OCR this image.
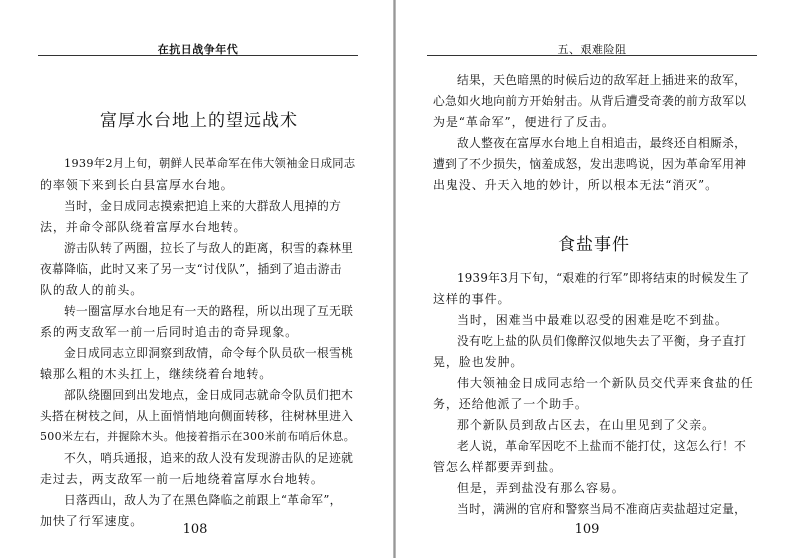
在抗日战争年代
富厚水台地上的望远战术
1939年2月上旬，朝鲜人民革命军在伟大领袖金日成同志
的率领下来到长白县富厚水台地。
当时，金日成同志摸索把追上来的大群敌人甩掉的方
法，并命令部队绕着富厚水台地转。
游击队转了两圈，拉长了与敌人的距离，积雪的森林里
夜幕降临，此时又来了另一支“讨伐队”，插到了追击游击
队的敌人的前头。
转一圈富厚水台地足有一天的路程，所以出现了互无联
系的两支敌军一前一后同时追击的奇异现象。
金日成同志立即洞察到敌情，命令每个队员砍一根雪桃
辕那么粗的木头扛上，继续绕着台地转。
部队绕圈回到出发地点，金日成同志就命令队员们把木
头搭在树枝之间，从上面悄悄地向侧面转移，往树林里进入
500米左右，并握除木头。他接着指示在300米前布哨后休息。
不久，哨兵通报，追来的敌人没有发现游击队的足迹就
走过去，两支敌军一前一后地绕着富厚水台地转。
日落西山，敌人为了在黑色降临之前跟上“革命军”，
加快了行军速度。
108
五、艰难险阻
结果，天色暗黑的时候后边的敌军赶上插进来的敌军，
心急如火地向前方开始射击。从背后遭受奇袭的前方敌军以
为是“革命军”，便进行了反击。
敌人整夜在富厚水台地上自相追击，最终还自相厮杀，
遭到了不少损失，恼羞成怒，发出悲鸣说，因为革命军用神
出鬼没、升天入地的妙计，所以根本无法“消灭”。
食盐事件
1939年3月下旬，“艰难的行军”即将结束的时候发生了
这样的事件。
当时，困难当中最难以忍受的困难是吃不到盐。
没有吃上盐的队员们像醉汉似地失去了平衡，身子直打
晃，脸也发肿。
伟大领袖金日成同志给一个新队员交代弄来食盐的任
务，还给他派了一个助手。
那个新队员到敌占区去，在山里见到了父亲。
老人说，革命军因吃不上盐而不能打仗，这怎么行！不
管怎么样都要弄到盐。
但是，弄到盐没有那么容易。
当时，满洲的官府和警察当局不准商店卖盐超过定量，
109
